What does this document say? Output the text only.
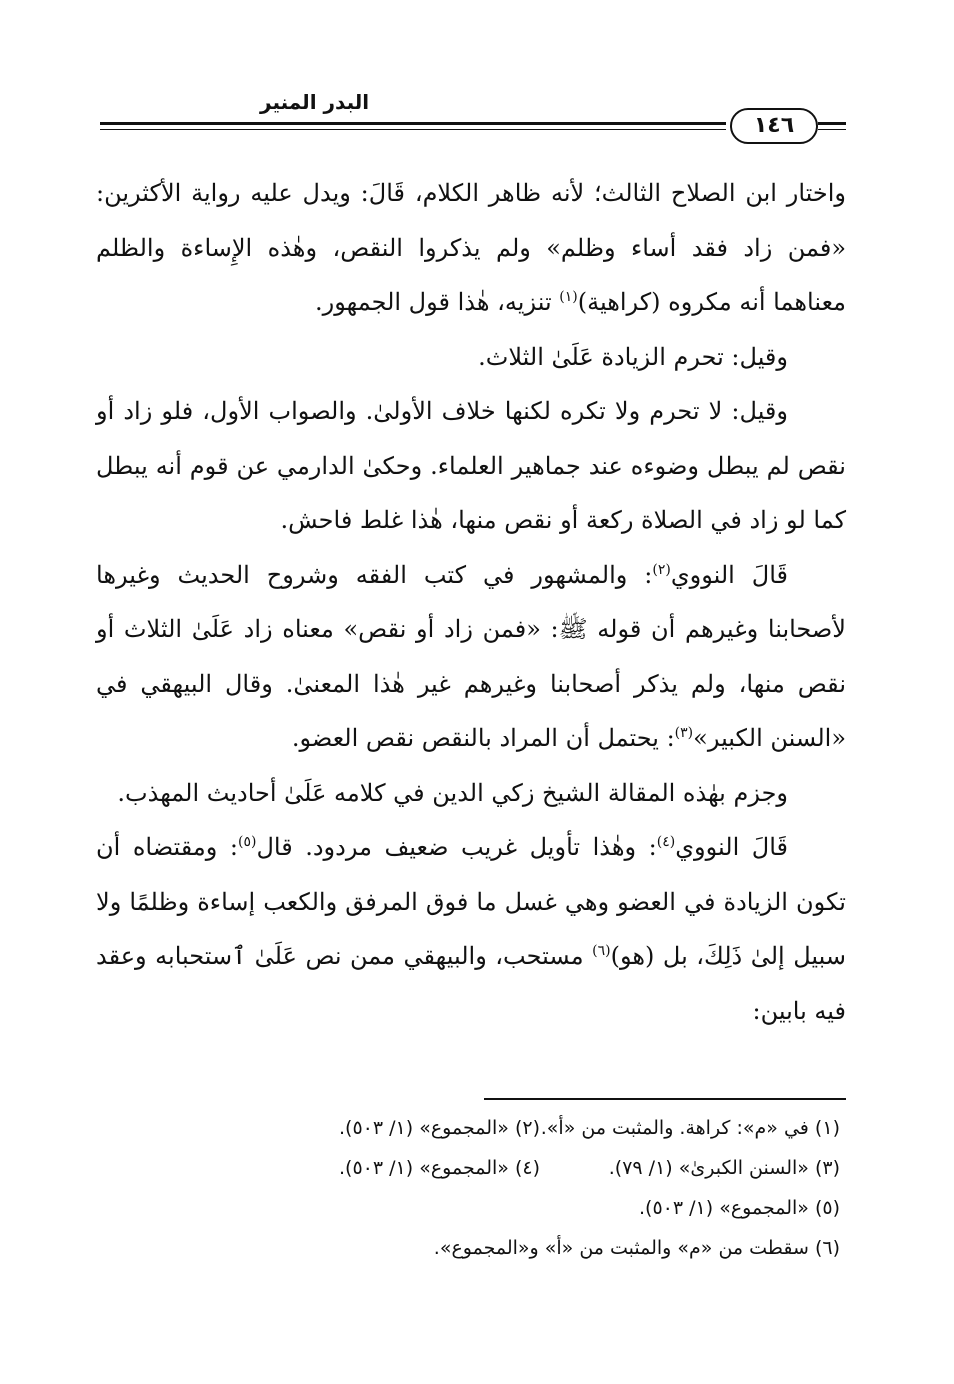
البدر المنير
١٤٦

واختار ابن الصلاح الثالث؛ لأنه ظاهر الكلام، قَالَ: ويدل عليه رواية الأكثرين: «فمن زاد فقد أساء وظلم» ولم يذكروا النقص، وهٰذه الإِساءة والظلم معناهما أنه مكروه (كراهية)$^{(١)}$ تنزيه، هٰذا قول الجمهور.

وقيل: تحرم الزيادة عَلَىٰ الثلاث.

وقيل: لا تحرم ولا تكره لكنها خلاف الأولىٰ. والصواب الأول، فلو زاد أو نقص لم يبطل وضوءه عند جماهير العلماء. وحكىٰ الدارمي عن قوم أنه يبطل كما لو زاد في الصلاة ركعة أو نقص منها، هٰذا غلط فاحش.

قَالَ النووي$^{(٢)}$: والمشهور في كتب الفقه وشروح الحديث وغيرها لأصحابنا وغيرهم أن قوله ﷺ: «فمن زاد أو نقص» معناه زاد عَلَىٰ الثلاث أو نقص منها، ولم يذكر أصحابنا وغيرهم غير هٰذا المعنىٰ. وقال البيهقي في «السنن الكبير»$^{(٣)}$: يحتمل أن المراد بالنقص نقص العضو.

وجزم بهٰذه المقالة الشيخ زكي الدين في كلامه عَلَىٰ أحاديث المهذب.

قَالَ النووي$^{(٤)}$: وهٰذا تأويل غريب ضعيف مردود. قال$^{(٥)}$: ومقتضاه أن تكون الزيادة في العضو وهي غسل ما فوق المرفق والكعب إساءة وظلمًا ولا سبيل إلىٰ ذَلِكَ، بل (هو)$^{(٦)}$ مستحب، والبيهقي ممن نص عَلَىٰ ٱستحبابه وعقد فيه بابين:

(١) في «م»: كراهة. والمثبت من «أ».
(٢) «المجموع» (١/ ٥٠٣).
(٣) «السنن الكبرىٰ» (١/ ٧٩).
(٤) «المجموع» (١/ ٥٠٣).
(٥) «المجموع» (١/ ٥٠٣).
(٦) سقطت من «م» والمثبت من «أ» و«المجموع».
